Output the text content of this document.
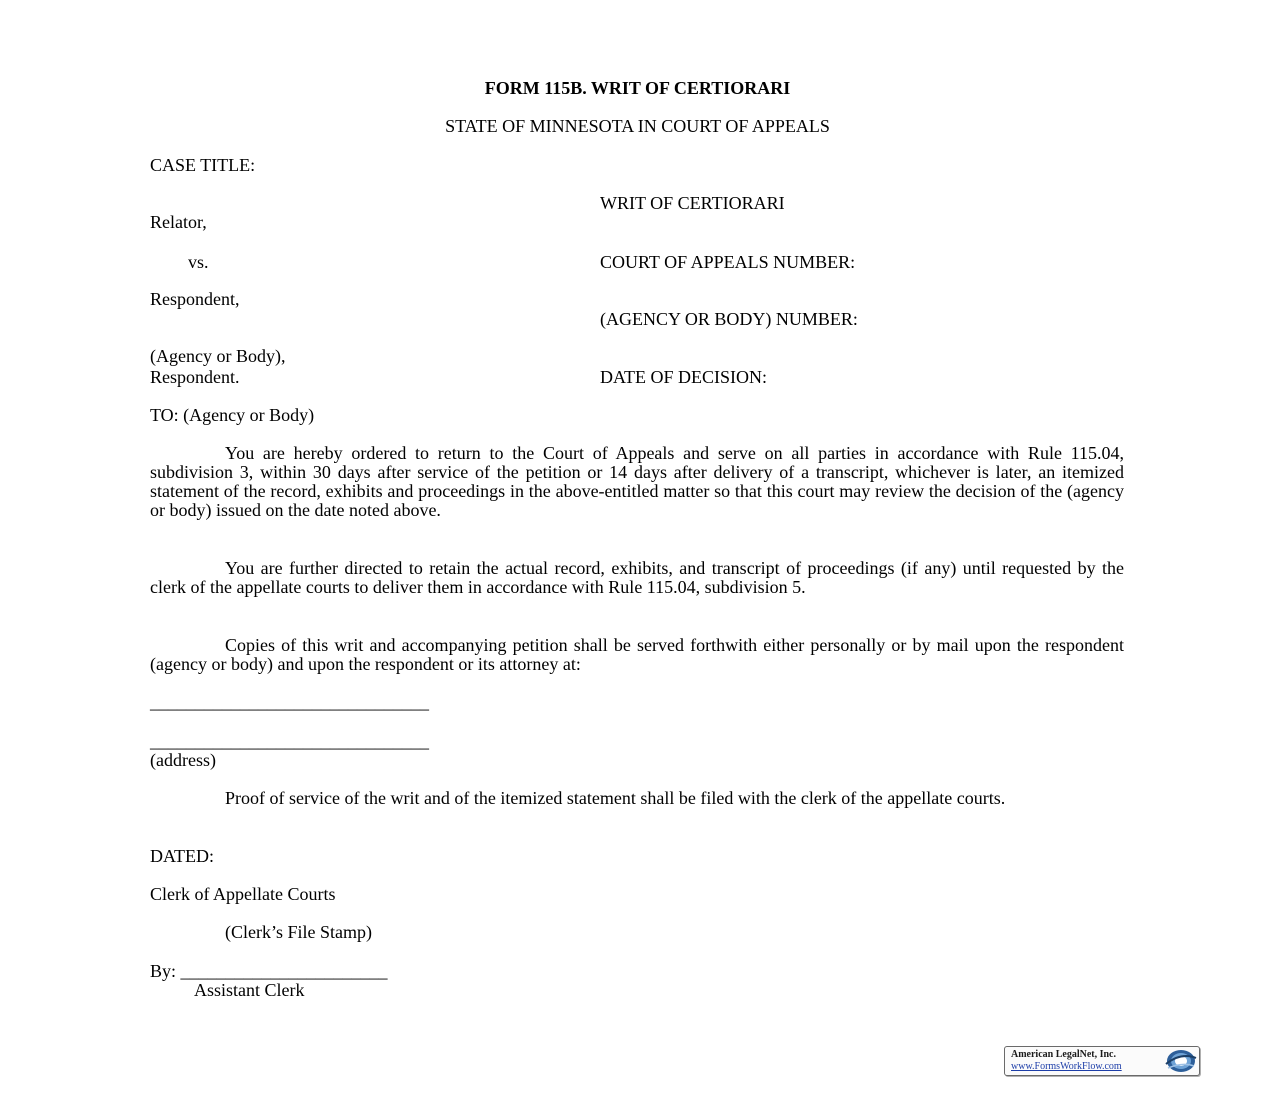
FORM 115B. WRIT OF CERTIORARI
STATE OF MINNESOTA IN COURT OF APPEALS
CASE TITLE:
Relator,
vs.
Respondent,
(Agency or Body),
Respondent.
WRIT OF CERTIORARI
COURT OF APPEALS NUMBER:
(AGENCY OR BODY) NUMBER:
DATE OF DECISION:
TO: (Agency or Body)
You are hereby ordered to return to the Court of Appeals and serve on all parties in accordance with Rule 115.04, subdivision 3, within 30 days after service of the petition or 14 days after delivery of a transcript, whichever is later, an itemized statement of the record, exhibits and proceedings in the above-entitled matter so that this court may review the decision of the (agency or body) issued on the date noted above.
You are further directed to retain the actual record, exhibits, and transcript of proceedings (if any) until requested by the clerk of the appellate courts to deliver them in accordance with Rule 115.04, subdivision 5.
Copies of this writ and accompanying petition shall be served forthwith either personally or by mail upon the respondent (agency or body) and upon the respondent or its attorney at:
_______________________________
_______________________________
(address)
Proof of service of the writ and of the itemized statement shall be filed with the clerk of the appellate courts.
DATED:
Clerk of Appellate Courts
(Clerk’s File Stamp)
By: _______________________
Assistant Clerk
American LegalNet, Inc.
www.FormsWorkFlow.com
